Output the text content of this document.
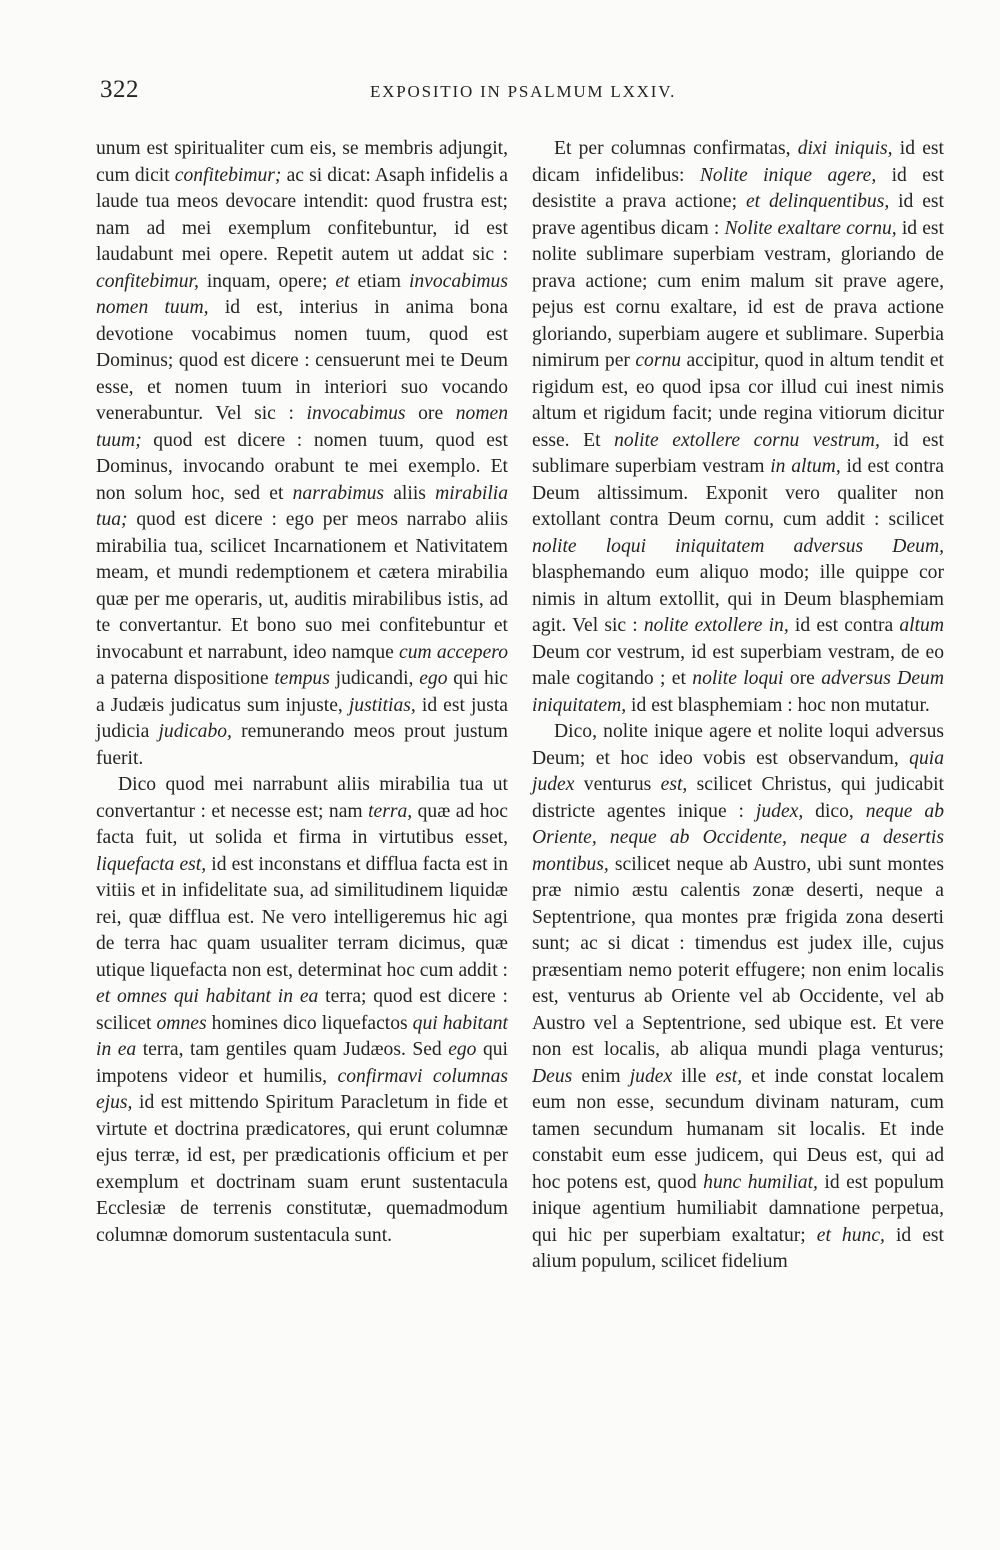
322	EXPOSITIO IN PSALMUM LXXIV.

unum est spiritualiter cum eis, se membris adjungit, cum dicit confitebimur; ac si dicat: Asaph infidelis a laude tua meos devocare intendit: quod frustra est; nam ad mei exemplum confitebuntur, id est laudabunt mei opere. Repetit autem ut addat sic : confitebimur, inquam, opere; et etiam invocabimus nomen tuum, id est, interius in anima bona devotione vocabimus nomen tuum, quod est Dominus; quod est dicere : censuerunt mei te Deum esse, et nomen tuum in interiori suo vocando venerabuntur. Vel sic : invocabimus ore nomen tuum; quod est dicere : nomen tuum, quod est Dominus, invocando orabunt te mei exemplo. Et non solum hoc, sed et narrabimus aliis mirabilia tua; quod est dicere : ego per meos narrabo aliis mirabilia tua, scilicet Incarnationem et Nativitatem meam, et mundi redemptionem et cætera mirabilia quæ per me operaris, ut, auditis mirabilibus istis, ad te convertantur. Et bono suo mei confitebuntur et invocabunt et narrabunt, ideo namque cum accepero a paterna dispositione tempus judicandi, ego qui hic a Judæis judicatus sum injuste, justitias, id est justa judicia judicabo, remunerando meos prout justum fuerit.

Dico quod mei narrabunt aliis mirabilia tua ut convertantur : et necesse est; nam terra, quæ ad hoc facta fuit, ut solida et firma in virtutibus esset, liquefacta est, id est inconstans et difflua facta est in vitiis et in infidelitate sua, ad similitudinem liquidæ rei, quæ difflua est. Ne vero intelligeremus hic agi de terra hac quam usualiter terram dicimus, quæ utique liquefacta non est, determinat hoc cum addit : et omnes qui habitant in ea terra; quod est dicere : scilicet omnes homines dico liquefactos qui habitant in ea terra, tam gentiles quam Judæos. Sed ego qui impotens videor et humilis, confirmavi columnas ejus, id est mittendo Spiritum Paracletum in fide et virtute et doctrina prædicatores, qui erunt columnæ ejus terræ, id est, per prædicationis officium et per exemplum et doctrinam suam erunt sustentacula Ecclesiæ de terrenis constitutæ, quemadmodum columnæ domorum sustentacula sunt.

Et per columnas confirmatas, dixi iniquis, id est dicam infidelibus: Nolite inique agere, id est desistite a prava actione; et delinquentibus, id est prave agentibus dicam : Nolite exaltare cornu, id est nolite sublimare superbiam vestram, gloriando de prava actione; cum enim malum sit prave agere, pejus est cornu exaltare, id est de prava actione gloriando, superbiam augere et sublimare. Superbia nimirum per cornu accipitur, quod in altum tendit et rigidum est, eo quod ipsa cor illud cui inest nimis altum et rigidum facit; unde regina vitiorum dicitur esse. Et nolite extollere cornu vestrum, id est sublimare superbiam vestram in altum, id est contra Deum altissimum. Exponit vero qualiter non extollant contra Deum cornu, cum addit : scilicet nolite loqui iniquitatem adversus Deum, blasphemando eum aliquo modo; ille quippe cor nimis in altum extollit, qui in Deum blasphemiam agit. Vel sic : nolite extollere in, id est contra altum Deum cor vestrum, id est superbiam vestram, de eo male cogitando ; et nolite loqui ore adversus Deum iniquitatem, id est blasphemiam : hoc non mutatur.

Dico, nolite inique agere et nolite loqui adversus Deum; et hoc ideo vobis est observandum, quia judex venturus est, scilicet Christus, qui judicabit districte agentes inique : judex, dico, neque ab Oriente, neque ab Occidente, neque a desertis montibus, scilicet neque ab Austro, ubi sunt montes præ nimio æstu calentis zonæ deserti, neque a Septentrione, qua montes præ frigida zona deserti sunt; ac si dicat : timendus est judex ille, cujus præsentiam nemo poterit effugere; non enim localis est, venturus ab Oriente vel ab Occidente, vel ab Austro vel a Septentrione, sed ubique est. Et vere non est localis, ab aliqua mundi plaga venturus; Deus enim judex ille est, et inde constat localem eum non esse, secundum divinam naturam, cum tamen secundum humanam sit localis. Et inde constabit eum esse judicem, qui Deus est, qui ad hoc potens est, quod hunc humiliat, id est populum inique agentium humiliabit damnatione perpetua, qui hic per superbiam exaltatur; et hunc, id est alium populum, scilicet fidelium
